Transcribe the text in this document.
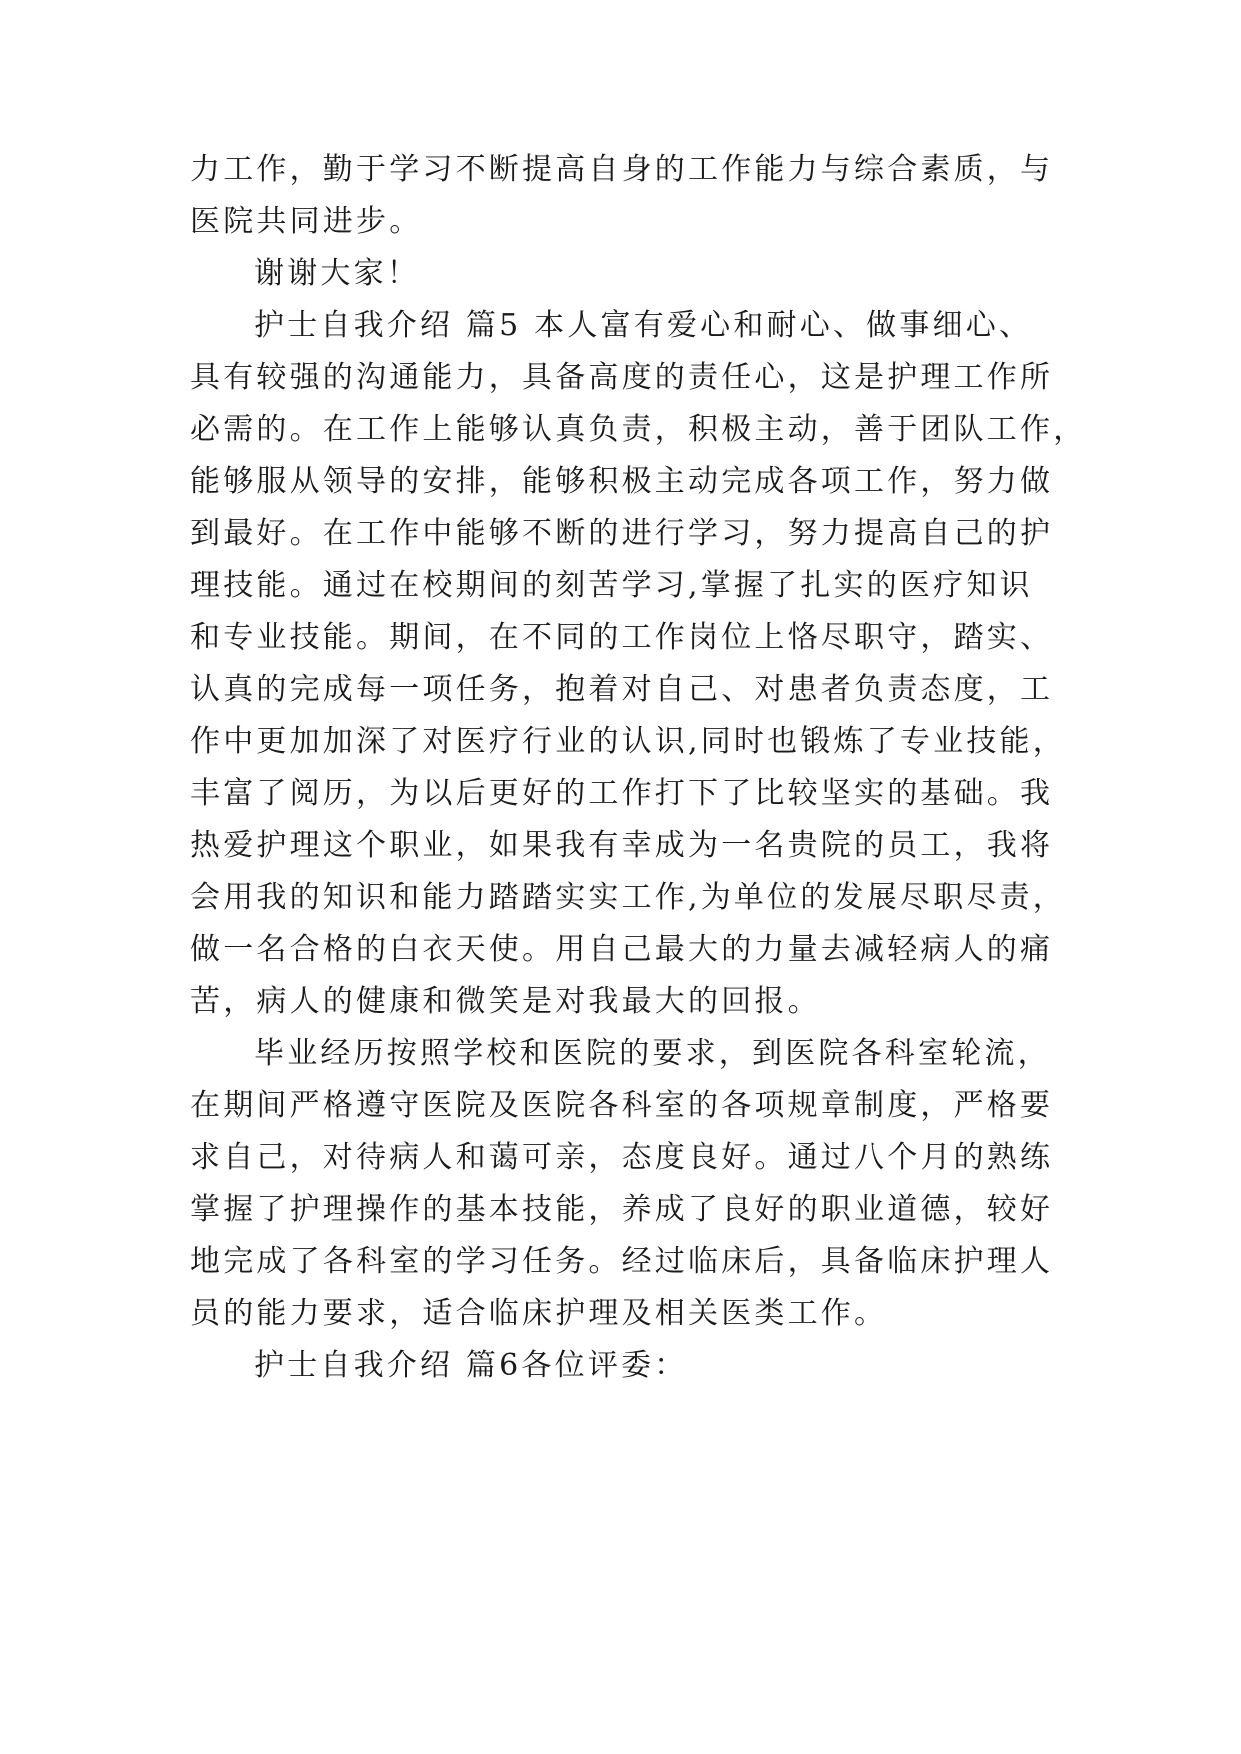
力工作，勤于学习不断提高自身的工作能力与综合素质，与
医院共同进步。
谢谢大家！
护士自我介绍 篇5 本人富有爱心和耐心、做事细心、
具有较强的沟通能力，具备高度的责任心，这是护理工作所
必需的。在工作上能够认真负责，积极主动，善于团队工作，
能够服从领导的安排，能够积极主动完成各项工作，努力做
到最好。在工作中能够不断的进行学习，努力提高自己的护
理技能。通过在校期间的刻苦学习,掌握了扎实的医疗知识
和专业技能。期间，在不同的工作岗位上恪尽职守，踏实、
认真的完成每一项任务，抱着对自己、对患者负责态度，工
作中更加加深了对医疗行业的认识,同时也锻炼了专业技能，
丰富了阅历，为以后更好的工作打下了比较坚实的基础。我
热爱护理这个职业，如果我有幸成为一名贵院的员工，我将
会用我的知识和能力踏踏实实工作,为单位的发展尽职尽责，
做一名合格的白衣天使。用自己最大的力量去减轻病人的痛
苦，病人的健康和微笑是对我最大的回报。
毕业经历按照学校和医院的要求，到医院各科室轮流，
在期间严格遵守医院及医院各科室的各项规章制度，严格要
求自己，对待病人和蔼可亲，态度良好。通过八个月的熟练
掌握了护理操作的基本技能，养成了良好的职业道德，较好
地完成了各科室的学习任务。经过临床后，具备临床护理人
员的能力要求，适合临床护理及相关医类工作。
护士自我介绍 篇6各位评委：
